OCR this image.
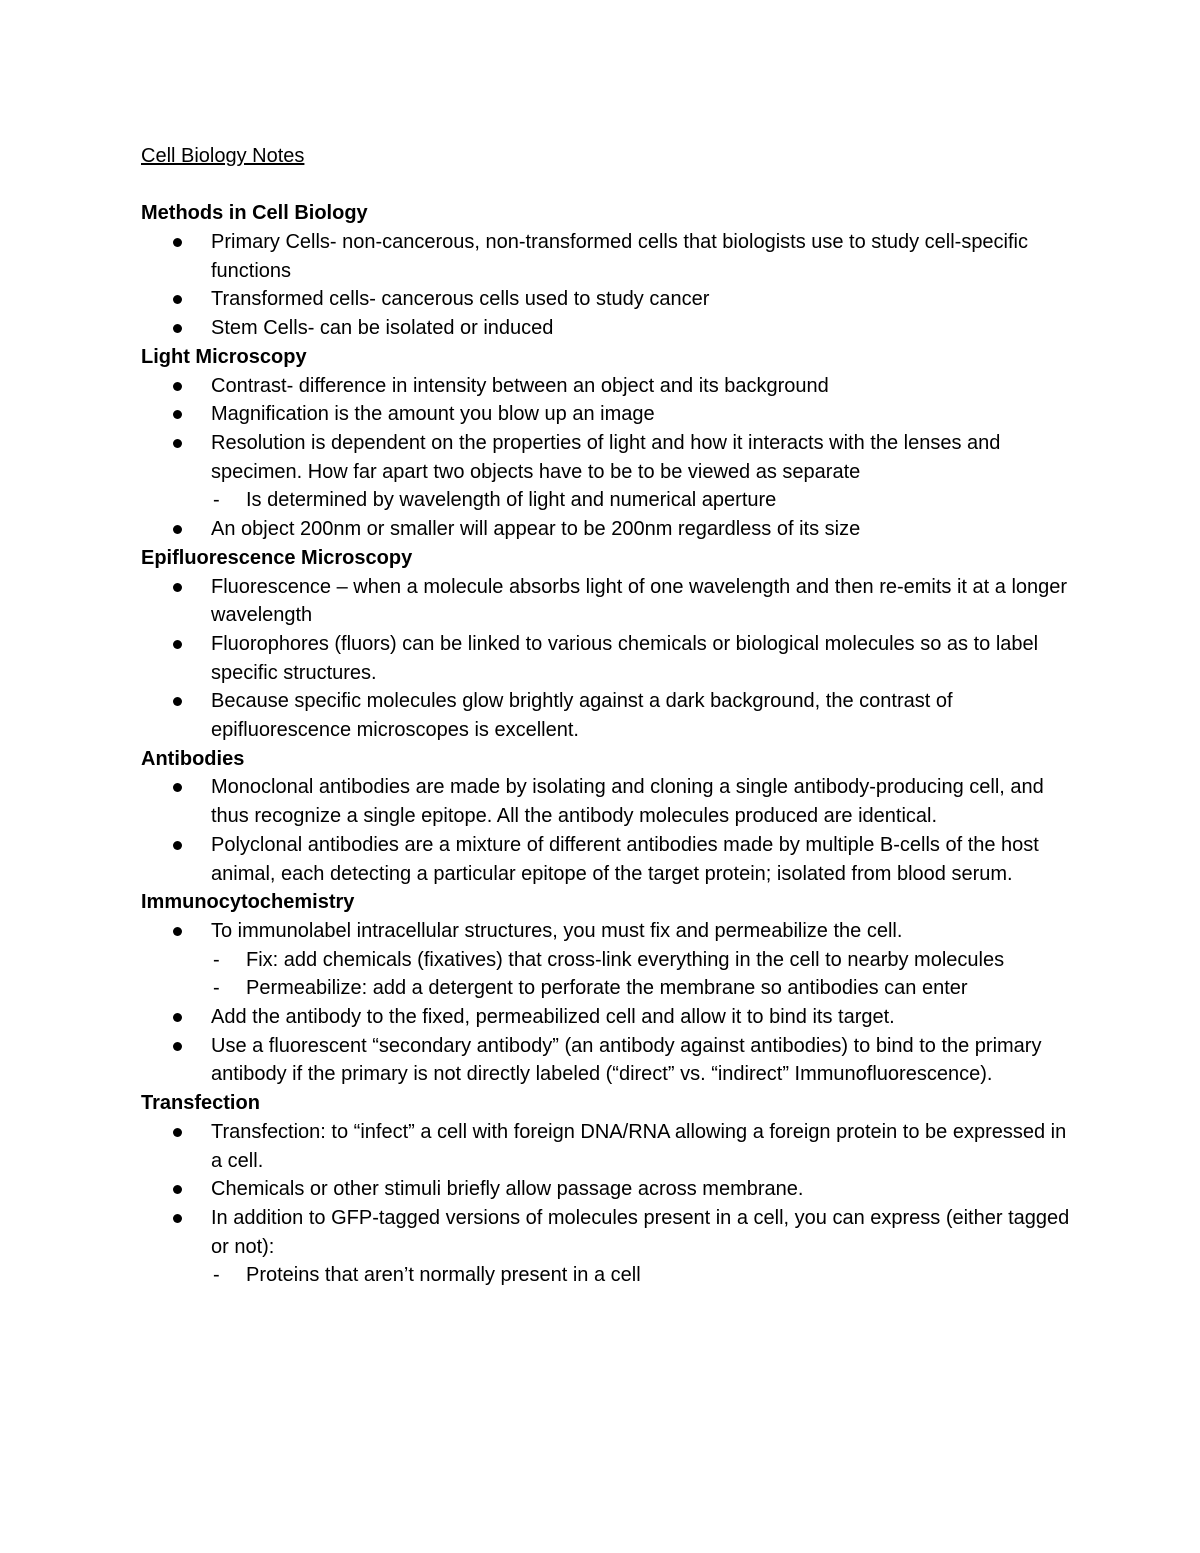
Cell Biology Notes
Methods in Cell Biology
Primary Cells- non-cancerous, non-transformed cells that biologists use to study cell-specific functions
Transformed cells- cancerous cells used to study cancer
Stem Cells- can be isolated or induced
Light Microscopy
Contrast- difference in intensity between an object and its background
Magnification is the amount you blow up an image
Resolution is dependent on the properties of light and how it interacts with the lenses and specimen. How far apart two objects have to be to be viewed as separate
- Is determined by wavelength of light and numerical aperture
An object 200nm or smaller will appear to be 200nm regardless of its size
Epifluorescence Microscopy
Fluorescence – when a molecule absorbs light of one wavelength and then re-emits it at a longer wavelength
Fluorophores (fluors) can be linked to various chemicals or biological molecules so as to label specific structures.
Because specific molecules glow brightly against a dark background, the contrast of epifluorescence microscopes is excellent.
Antibodies
Monoclonal antibodies are made by isolating and cloning a single antibody-producing cell, and thus recognize a single epitope. All the antibody molecules produced are identical.
Polyclonal antibodies are a mixture of different antibodies made by multiple B-cells of the host animal, each detecting a particular epitope of the target protein; isolated from blood serum.
Immunocytochemistry
To immunolabel intracellular structures, you must fix and permeabilize the cell.
- Fix: add chemicals (fixatives) that cross-link everything in the cell to nearby molecules
- Permeabilize: add a detergent to perforate the membrane so antibodies can enter
Add the antibody to the fixed, permeabilized cell and allow it to bind its target.
Use a fluorescent “secondary antibody” (an antibody against antibodies) to bind to the primary antibody if the primary is not directly labeled (“direct” vs. “indirect” Immunofluorescence).
Transfection
Transfection: to “infect” a cell with foreign DNA/RNA allowing a foreign protein to be expressed in a cell.
Chemicals or other stimuli briefly allow passage across membrane.
In addition to GFP-tagged versions of molecules present in a cell, you can express (either tagged or not):
- Proteins that aren’t normally present in a cell
